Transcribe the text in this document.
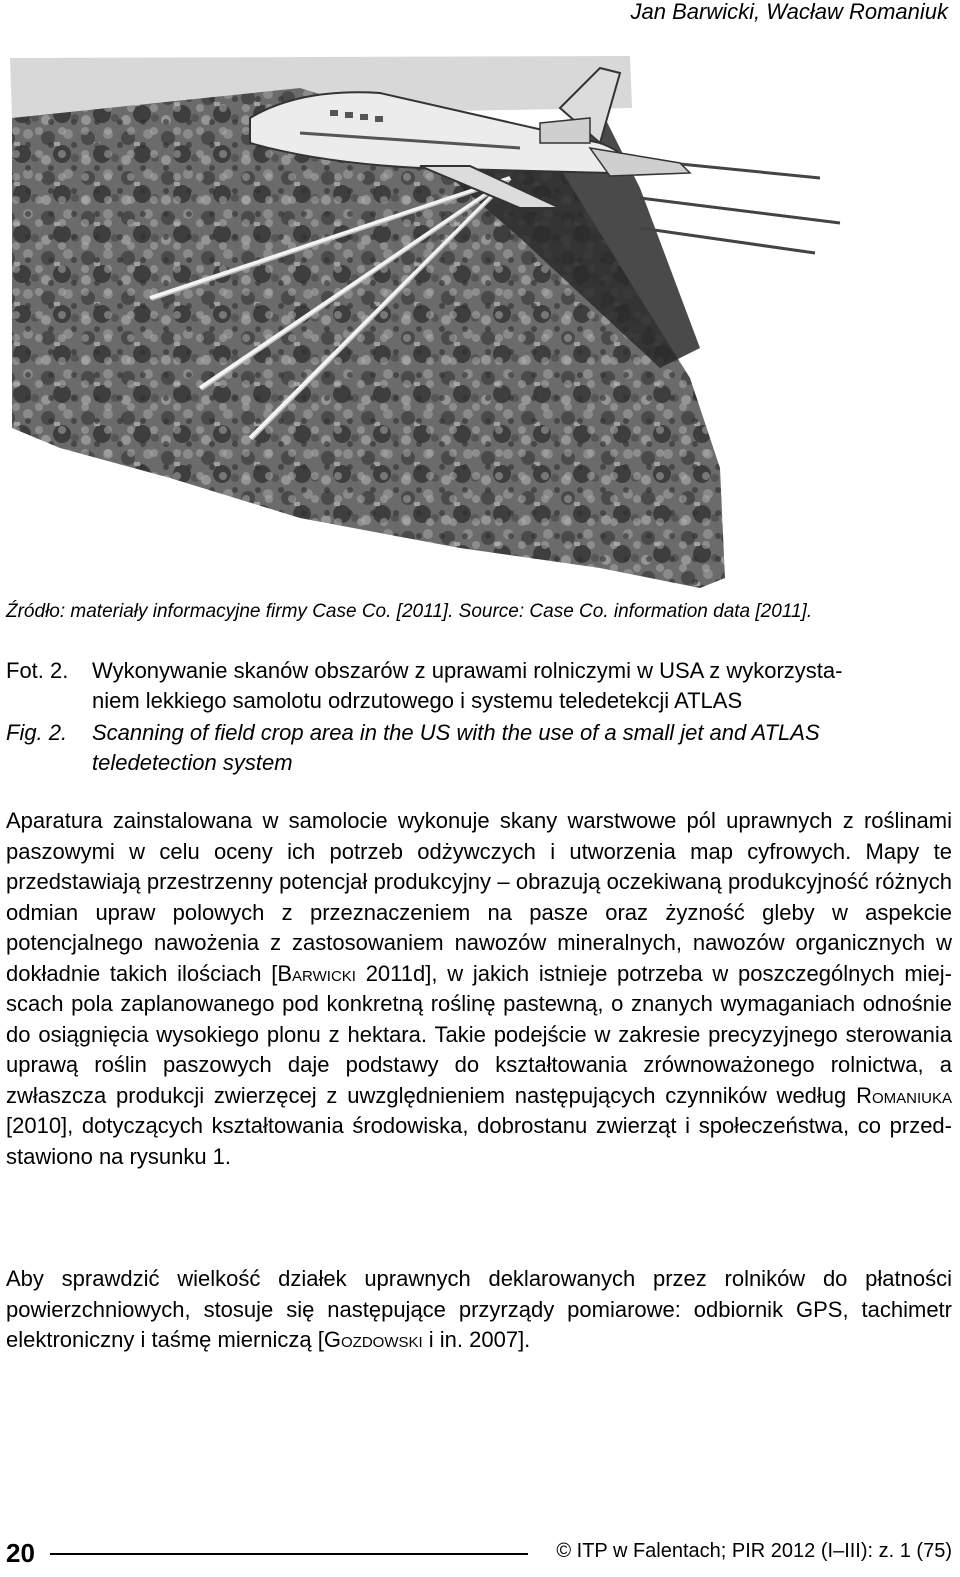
Jan Barwicki, Wacław Romaniuk
Źródło: materiały informacyjne firmy Case Co. [2011]. Source: Case Co. information data [2011].
Fot. 2. Wykonywanie skanów obszarów z uprawami rolniczymi w USA z wykorzysta-
niem lekkiego samolotu odrzutowego i systemu teledetekcji ATLAS
Fig. 2. Scanning of field crop area in the US with the use of a small jet and ATLAS
teledetection system
Aparatura zainstalowana w samolocie wykonuje skany warstwowe pól uprawnych z roślinami paszowymi w celu oceny ich potrzeb odżywczych i utworzenia map cyfrowych. Mapy te przedstawiają przestrzenny potencjał produkcyjny – obrazują oczekiwaną produkcyjność różnych odmian upraw polowych z przeznaczeniem na pasze oraz żyzność gleby w aspekcie potencjalnego nawożenia z zastosowaniem nawozów mineralnych, nawozów organicznych w dokładnie takich ilościach [Barwicki 2011d], w jakich istnieje potrzeba w poszczególnych miejscach pola zaplanowanego pod konkretną roślinę pastewną, o znanych wymaganiach odnośnie do osiągnięcia wysokiego plonu z hektara. Takie podejście w zakresie precyzyjnego sterowania uprawą roślin paszowych daje podstawy do kształtowania zrównoważonego rolnictwa, a zwłaszcza produkcji zwierzęcej z uwzględnieniem następujących czynników według Romaniuka [2010], dotyczących kształtowania środowiska, dobrostanu zwierząt i społeczeństwa, co przedstawiono na rysunku 1.
Aby sprawdzić wielkość działek uprawnych deklarowanych przez rolników do płatności powierzchniowych, stosuje się następujące przyrządy pomiarowe: odbiornik GPS, tachimetr elektroniczny i taśmę mierniczą [Gozdowski i in. 2007].
20	© ITP w Falentach; PIR 2012 (I–III): z. 1 (75)
